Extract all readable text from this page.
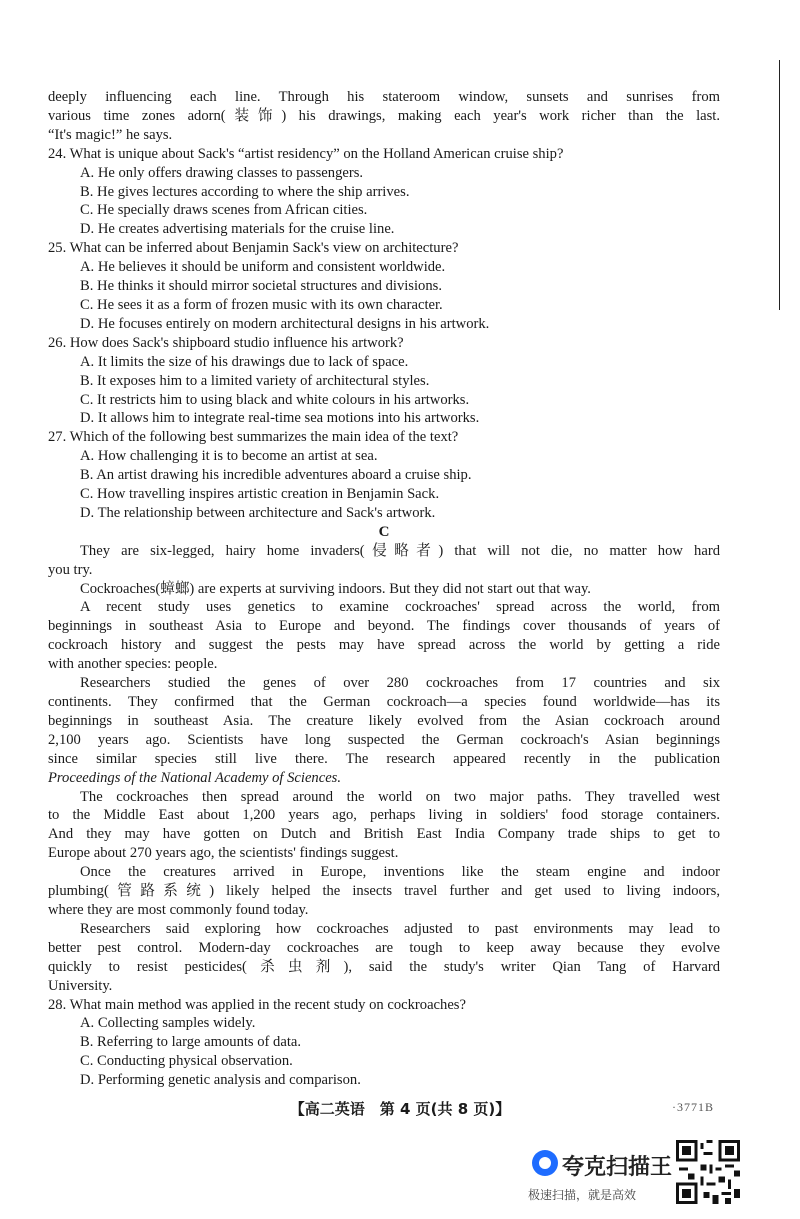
deeply influencing each line. Through his stateroom window, sunsets and sunrises from
various time zones adorn(装饰) his drawings, making each year's work richer than the last.
“It's magic!” he says.
24. What is unique about Sack's “artist residency” on the Holland American cruise ship?
A. He only offers drawing classes to passengers.
B. He gives lectures according to where the ship arrives.
C. He specially draws scenes from African cities.
D. He creates advertising materials for the cruise line.
25. What can be inferred about Benjamin Sack's view on architecture?
A. He believes it should be uniform and consistent worldwide.
B. He thinks it should mirror societal structures and divisions.
C. He sees it as a form of frozen music with its own character.
D. He focuses entirely on modern architectural designs in his artwork.
26. How does Sack's shipboard studio influence his artwork?
A. It limits the size of his drawings due to lack of space.
B. It exposes him to a limited variety of architectural styles.
C. It restricts him to using black and white colours in his artworks.
D. It allows him to integrate real-time sea motions into his artworks.
27. Which of the following best summarizes the main idea of the text?
A. How challenging it is to become an artist at sea.
B. An artist drawing his incredible adventures aboard a cruise ship.
C. How travelling inspires artistic creation in Benjamin Sack.
D. The relationship between architecture and Sack's artwork.
C
They are six-legged, hairy home invaders(侵略者) that will not die, no matter how hard
you try.
Cockroaches(蟑螂) are experts at surviving indoors. But they did not start out that way.
A recent study uses genetics to examine cockroaches' spread across the world, from
beginnings in southeast Asia to Europe and beyond. The findings cover thousands of years of
cockroach history and suggest the pests may have spread across the world by getting a ride
with another species: people.
Researchers studied the genes of over 280 cockroaches from 17 countries and six
continents. They confirmed that the German cockroach—a species found worldwide—has its
beginnings in southeast Asia. The creature likely evolved from the Asian cockroach around
2,100 years ago. Scientists have long suspected the German cockroach's Asian beginnings
since similar species still live there. The research appeared recently in the publication
Proceedings of the National Academy of Sciences.
The cockroaches then spread around the world on two major paths. They travelled west
to the Middle East about 1,200 years ago, perhaps living in soldiers' food storage containers.
And they may have gotten on Dutch and British East India Company trade ships to get to
Europe about 270 years ago, the scientists' findings suggest.
Once the creatures arrived in Europe, inventions like the steam engine and indoor
plumbing(管路系统) likely helped the insects travel further and get used to living indoors,
where they are most commonly found today.
Researchers said exploring how cockroaches adjusted to past environments may lead to
better pest control. Modern-day cockroaches are tough to keep away because they evolve
quickly to resist pesticides(杀虫剂), said the study's writer Qian Tang of Harvard
University.
28. What main method was applied in the recent study on cockroaches?
A. Collecting samples widely.
B. Referring to large amounts of data.
C. Conducting physical observation.
D. Performing genetic analysis and comparison.
【高二英语　第 4 页(共 8 页)】	·3771B
夸克扫描王
极速扫描，就是高效
